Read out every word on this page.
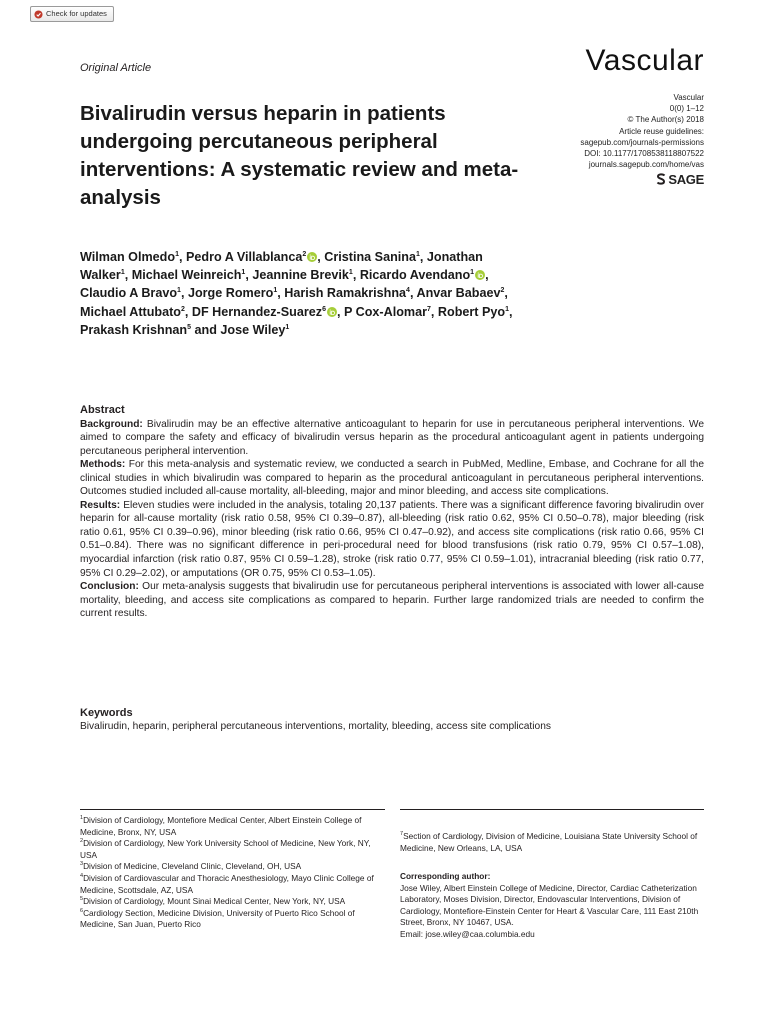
Check for updates
Original Article	Vascular
Vascular
0(0) 1–12
© The Author(s) 2018
Article reuse guidelines:
sagepub.com/journals-permissions
DOI: 10.1177/1708538118807522
journals.sagepub.com/home/vas
SAGE
Bivalirudin versus heparin in patients undergoing percutaneous peripheral interventions: A systematic review and meta-analysis

Wilman Olmedo$^1$, Pedro A Villablanca$^2$ , Cristina Sanina$^1$, Jonathan Walker$^1$, Michael Weinreich$^1$, Jeannine Brevik$^1$, Ricardo Avendano$^1$ , Claudio A Bravo$^1$, Jorge Romero$^1$, Harish Ramakrishna$^4$, Anvar Babaev$^2$, Michael Attubato$^2$, DF Hernandez-Suarez$^6$ , P Cox-Alomar$^7$, Robert Pyo$^1$, Prakash Krishnan$^5$ and Jose Wiley$^1$

Abstract

Background: Bivalirudin may be an effective alternative anticoagulant to heparin for use in percutaneous peripheral interventions. We aimed to compare the safety and efficacy of bivalirudin versus heparin as the procedural anticoagulant agent in patients undergoing percutaneous peripheral intervention.

Methods: For this meta-analysis and systematic review, we conducted a search in PubMed, Medline, Embase, and Cochrane for all the clinical studies in which bivalirudin was compared to heparin as the procedural anticoagulant in percutaneous peripheral interventions. Outcomes studied included all-cause mortality, all-bleeding, major and minor bleeding, and access site complications.

Results: Eleven studies were included in the analysis, totaling 20,137 patients. There was a significant difference favoring bivalirudin over heparin for all-cause mortality (risk ratio 0.58, 95% CI 0.39–0.87), all-bleeding (risk ratio 0.62, 95% CI 0.50–0.78), major bleeding (risk ratio 0.61, 95% CI 0.39–0.96), minor bleeding (risk ratio 0.66, 95% CI 0.47–0.92), and access site complications (risk ratio 0.66, 95% CI 0.51–0.84). There was no significant difference in peri-procedural need for blood transfusions (risk ratio 0.79, 95% CI 0.57–1.08), myocardial infarction (risk ratio 0.87, 95% CI 0.59–1.28), stroke (risk ratio 0.77, 95% CI 0.59–1.01), intracranial bleeding (risk ratio 0.77, 95% CI 0.29–2.02), or amputations (OR 0.75, 95% CI 0.53–1.05).

Conclusion: Our meta-analysis suggests that bivalirudin use for percutaneous peripheral interventions is associated with lower all-cause mortality, bleeding, and access site complications as compared to heparin. Further large randomized trials are needed to confirm the current results.

Keywords
Bivalirudin, heparin, peripheral percutaneous interventions, mortality, bleeding, access site complications

$^1$Division of Cardiology, Montefiore Medical Center, Albert Einstein College of Medicine, Bronx, NY, USA

$^2$Division of Cardiology, New York University School of Medicine, New York, NY, USA

$^3$Division of Medicine, Cleveland Clinic, Cleveland, OH, USA

$^4$Division of Cardiovascular and Thoracic Anesthesiology, Mayo Clinic College of Medicine, Scottsdale, AZ, USA

$^5$Division of Cardiology, Mount Sinai Medical Center, New York, NY, USA

$^6$Cardiology Section, Medicine Division, University of Puerto Rico School of Medicine, San Juan, Puerto Rico

$^7$Section of Cardiology, Division of Medicine, Louisiana State University School of Medicine, New Orleans, LA, USA

Corresponding author:

Jose Wiley, Albert Einstein College of Medicine, Director, Cardiac Catheterization Laboratory, Moses Division, Director, Endovascular Interventions, Division of Cardiology, Montefiore-Einstein Center for Heart & Vascular Care, 111 East 210th Street, Bronx, NY 10467, USA.

Email: jose.wiley@caa.columbia.edu
